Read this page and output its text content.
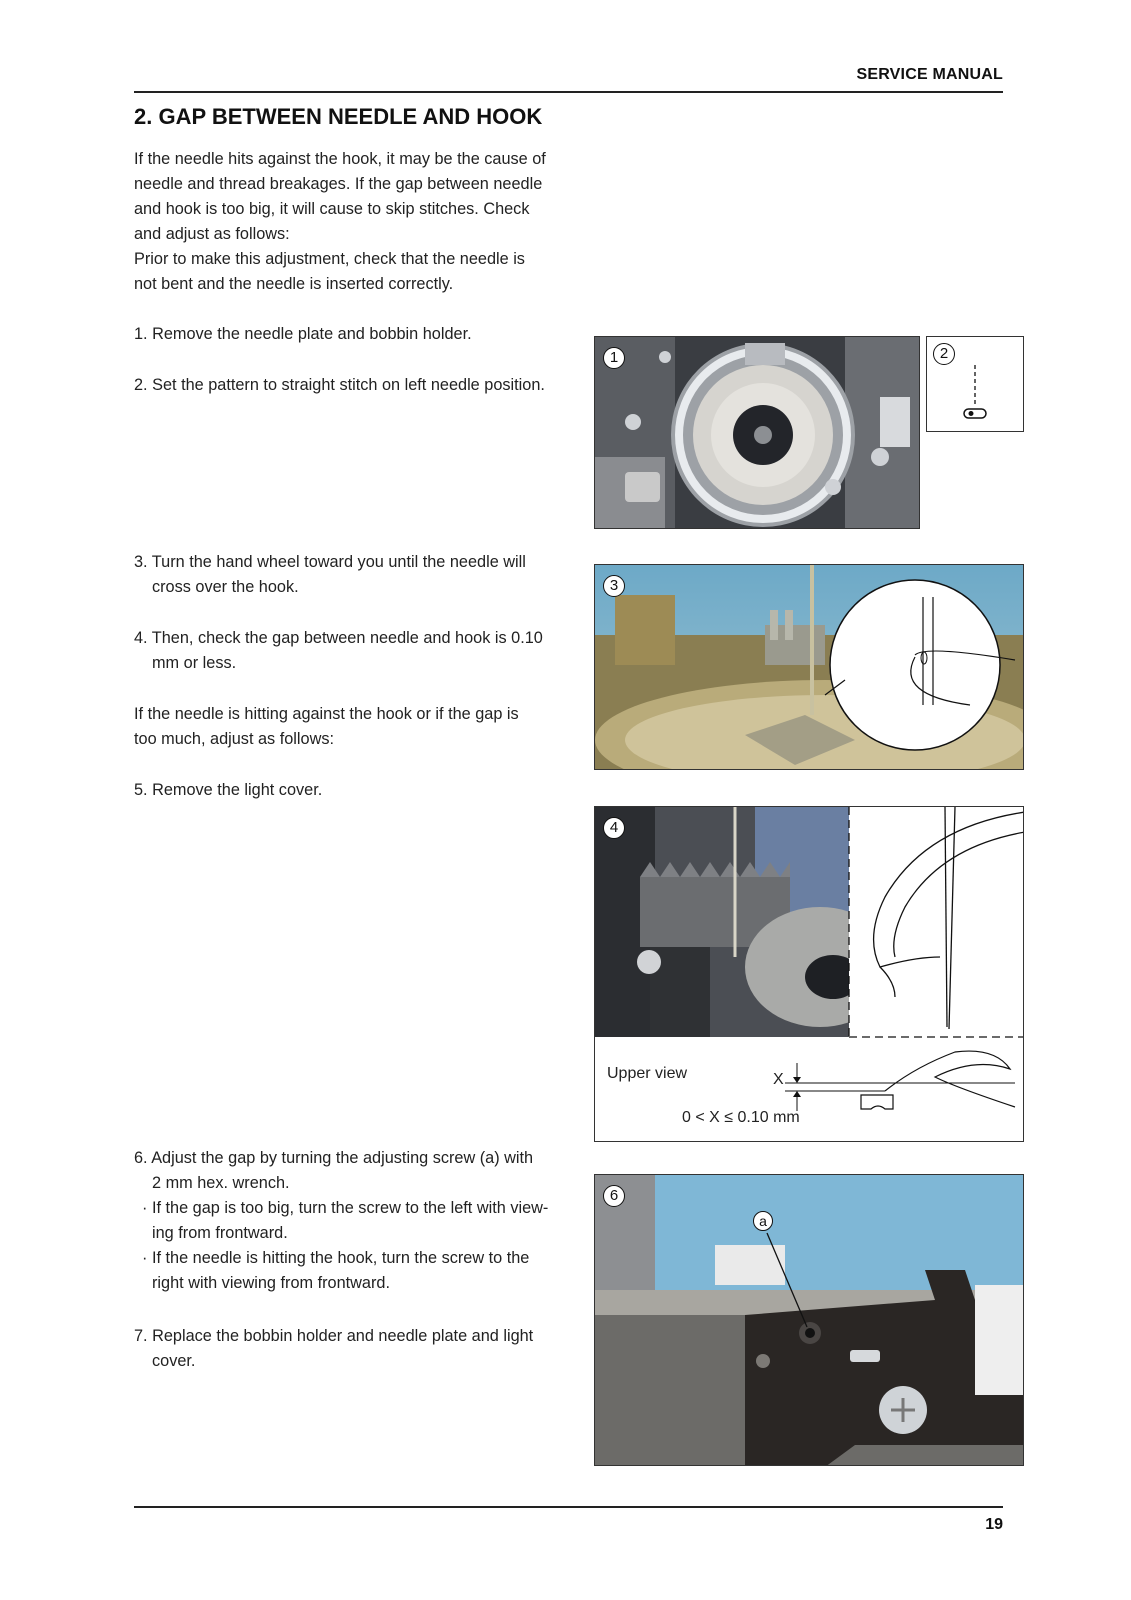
SERVICE MANUAL
2. GAP BETWEEN NEEDLE AND HOOK
If the needle hits against the hook, it may be the cause of
needle and thread breakages. If the gap between needle
and hook is too big, it will cause to skip stitches. Check
and adjust as follows:
Prior to make this adjustment, check that the needle is
not bent and the needle is inserted correctly.
1. Remove the needle plate and bobbin holder.
2. Set the pattern to straight stitch on left needle position.
3. Turn the hand wheel toward you until the needle will
cross over the hook.
4. Then, check the gap between needle and hook is 0.10
mm or less.
If the needle is hitting against the hook or if the gap is
too much, adjust as follows:
5. Remove the light cover.
6. Adjust the gap by turning the adjusting screw (a) with
2 mm hex. wrench.
· If the gap is too big, turn the screw to the left with view-
ing from frontward.
· If the needle is hitting the hook, turn the screw to the
right with viewing from frontward.
7. Replace the bobbin holder and needle plate and light
cover.
1	2
3
4
Upper view	X
0 < X ≤ 0.10 mm
6
a
19
